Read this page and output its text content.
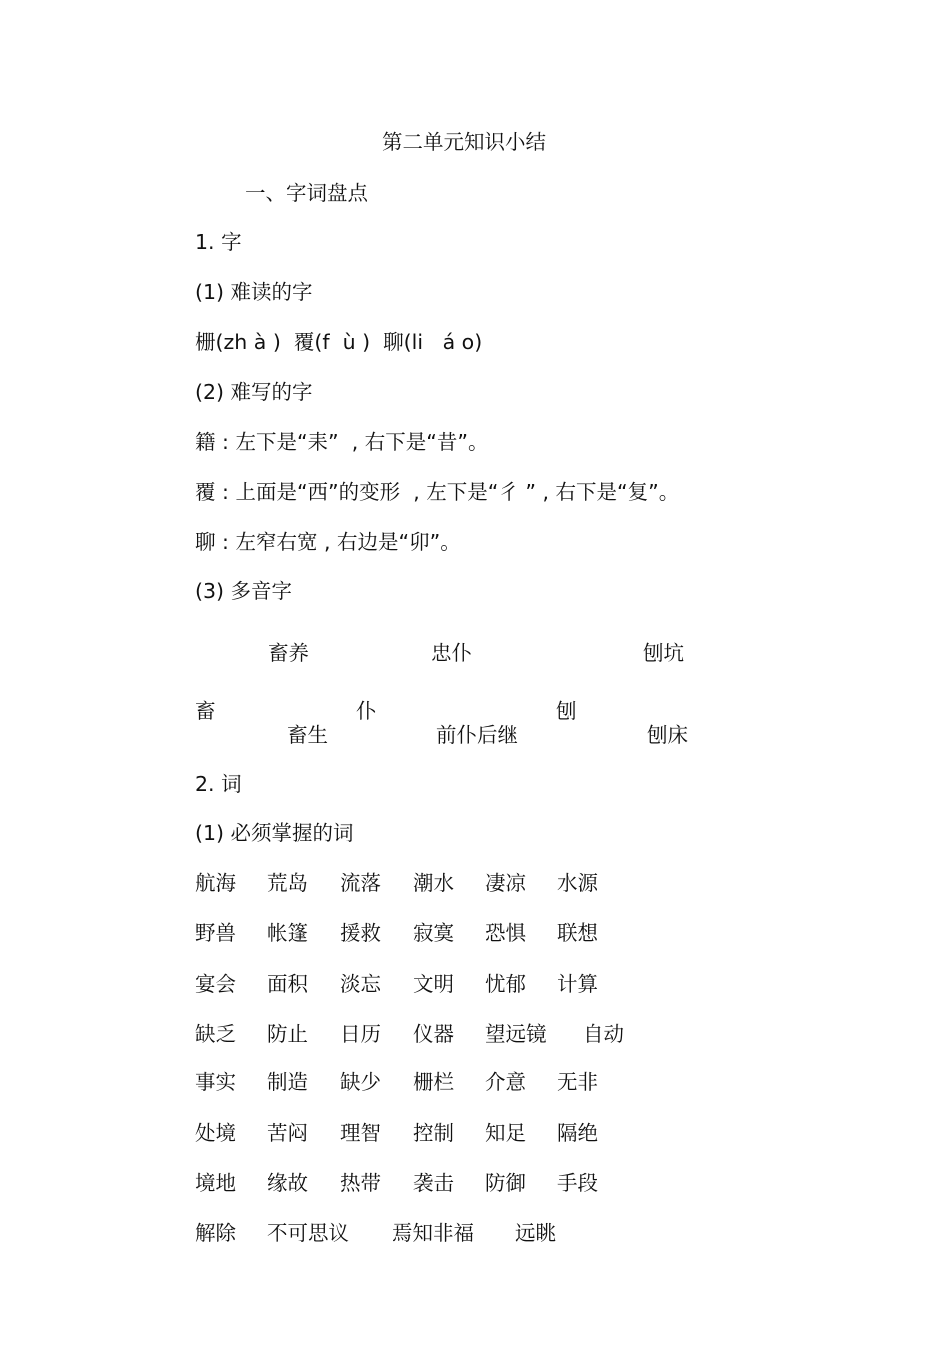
第二单元知识小结
一、字词盘点
1. 字
(1) 难读的字
栅(zh à )  覆(f  ù )  聊(li   á o)
(2) 难写的字
籍 : 左下是“耒”  , 右下是“昔”。
覆 : 上面是“西”的变形  , 左下是“彳 ” , 右下是“复”。
聊 : 左窄右宽 , 右边是“卯”。
(3) 多音字
畜养	忠仆	刨坑
畜	仆	刨
畜生	前仆后继	刨床
2. 词
(1) 必须掌握的词
航海 荒岛 流落 潮水 凄凉 水源
野兽 帐篷 援救 寂寞 恐惧 联想
宴会 面积 淡忘 文明 忧郁 计算
缺乏 防止 日历 仪器 望远镜 自动
事实 制造 缺少 栅栏 介意 无非
处境 苦闷 理智 控制 知足 隔绝
境地 缘故 热带 袭击 防御 手段
解除 不可思议 焉知非福 远眺
